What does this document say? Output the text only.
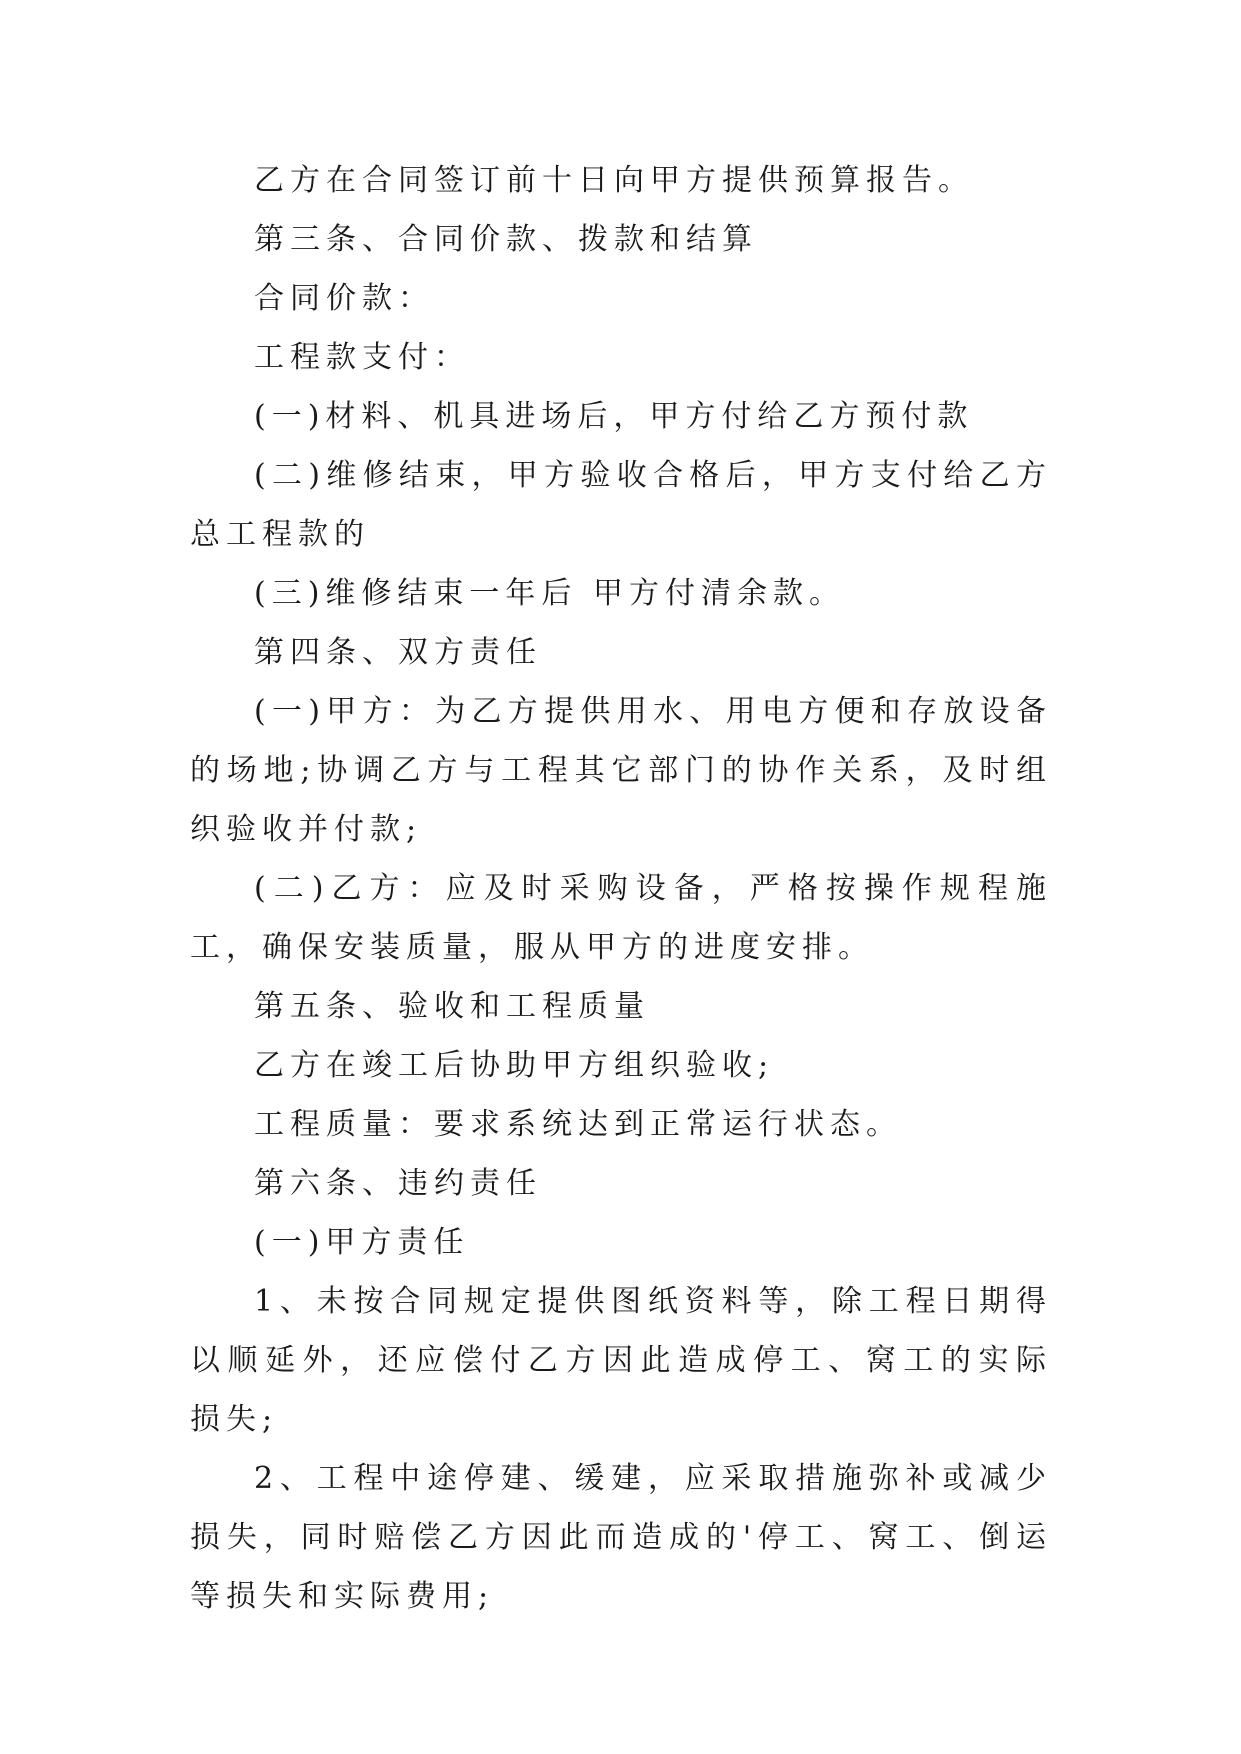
乙方在合同签订前十日向甲方提供预算报告。

第三条、合同价款、拨款和结算

合同价款：

工程款支付：

(一)材料、机具进场后，甲方付给乙方预付款

(二)维修结束，甲方验收合格后，甲方支付给乙方总工程款的

(三)维修结束一年后 甲方付清余款。

第四条、双方责任

(一)甲方：为乙方提供用水、用电方便和存放设备的场地;协调乙方与工程其它部门的协作关系，及时组织验收并付款;

(二)乙方：应及时采购设备，严格按操作规程施工，确保安装质量，服从甲方的进度安排。

第五条、验收和工程质量

乙方在竣工后协助甲方组织验收;

工程质量：要求系统达到正常运行状态。

第六条、违约责任

(一)甲方责任

1、未按合同规定提供图纸资料等，除工程日期得以顺延外，还应偿付乙方因此造成停工、窝工的实际损失;

2、工程中途停建、缓建，应采取措施弥补或减少损失，同时赔偿乙方因此而造成的'停工、窝工、倒运等损失和实际费用;
